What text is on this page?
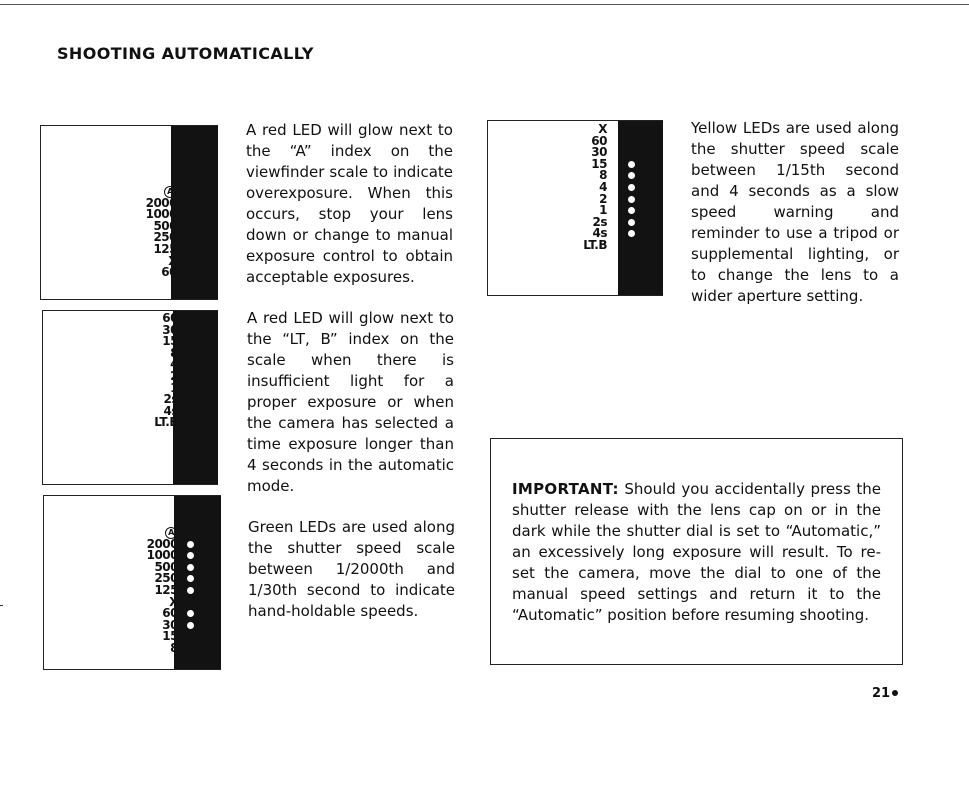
SHOOTING AUTOMATICALLY
A
2000
1000
500
250
125
X
60
60
30
15
8
4
2
1
2s
4s
LT.B
A
2000
1000
500
250
125
X
60
30
15
8

A red LED will glow next to the “A” index on the viewfinder scale to indicate overexposure. When this occurs, stop your lens down or change to manual exposure control to obtain acceptable exposures.

A red LED will glow next to the “LT, B” index on the scale when there is insufficient light for a proper exposure or when the camera has selected a time exposure longer than 4 seconds in the automatic mode.

Green LEDs are used along the shutter speed scale between 1/2000th and 1/30th second to indicate hand-holdable speeds.

X
60
30
15
8
4
2
1
2s
4s
LT.B

Yellow LEDs are used along the shutter speed scale between 1/15th second and 4 seconds as a slow speed warning and reminder to use a tripod or supplemental lighting, or to change the lens to a wider aperture setting.

IMPORTANT: Should you accidentally press the shutter release with the lens cap on or in the dark while the shutter dial is set to “Automatic,” an excessively long exposure will result. To re-set the camera, move the dial to one of the manual speed settings and return it to the “Automatic” position before resuming shooting.

21
